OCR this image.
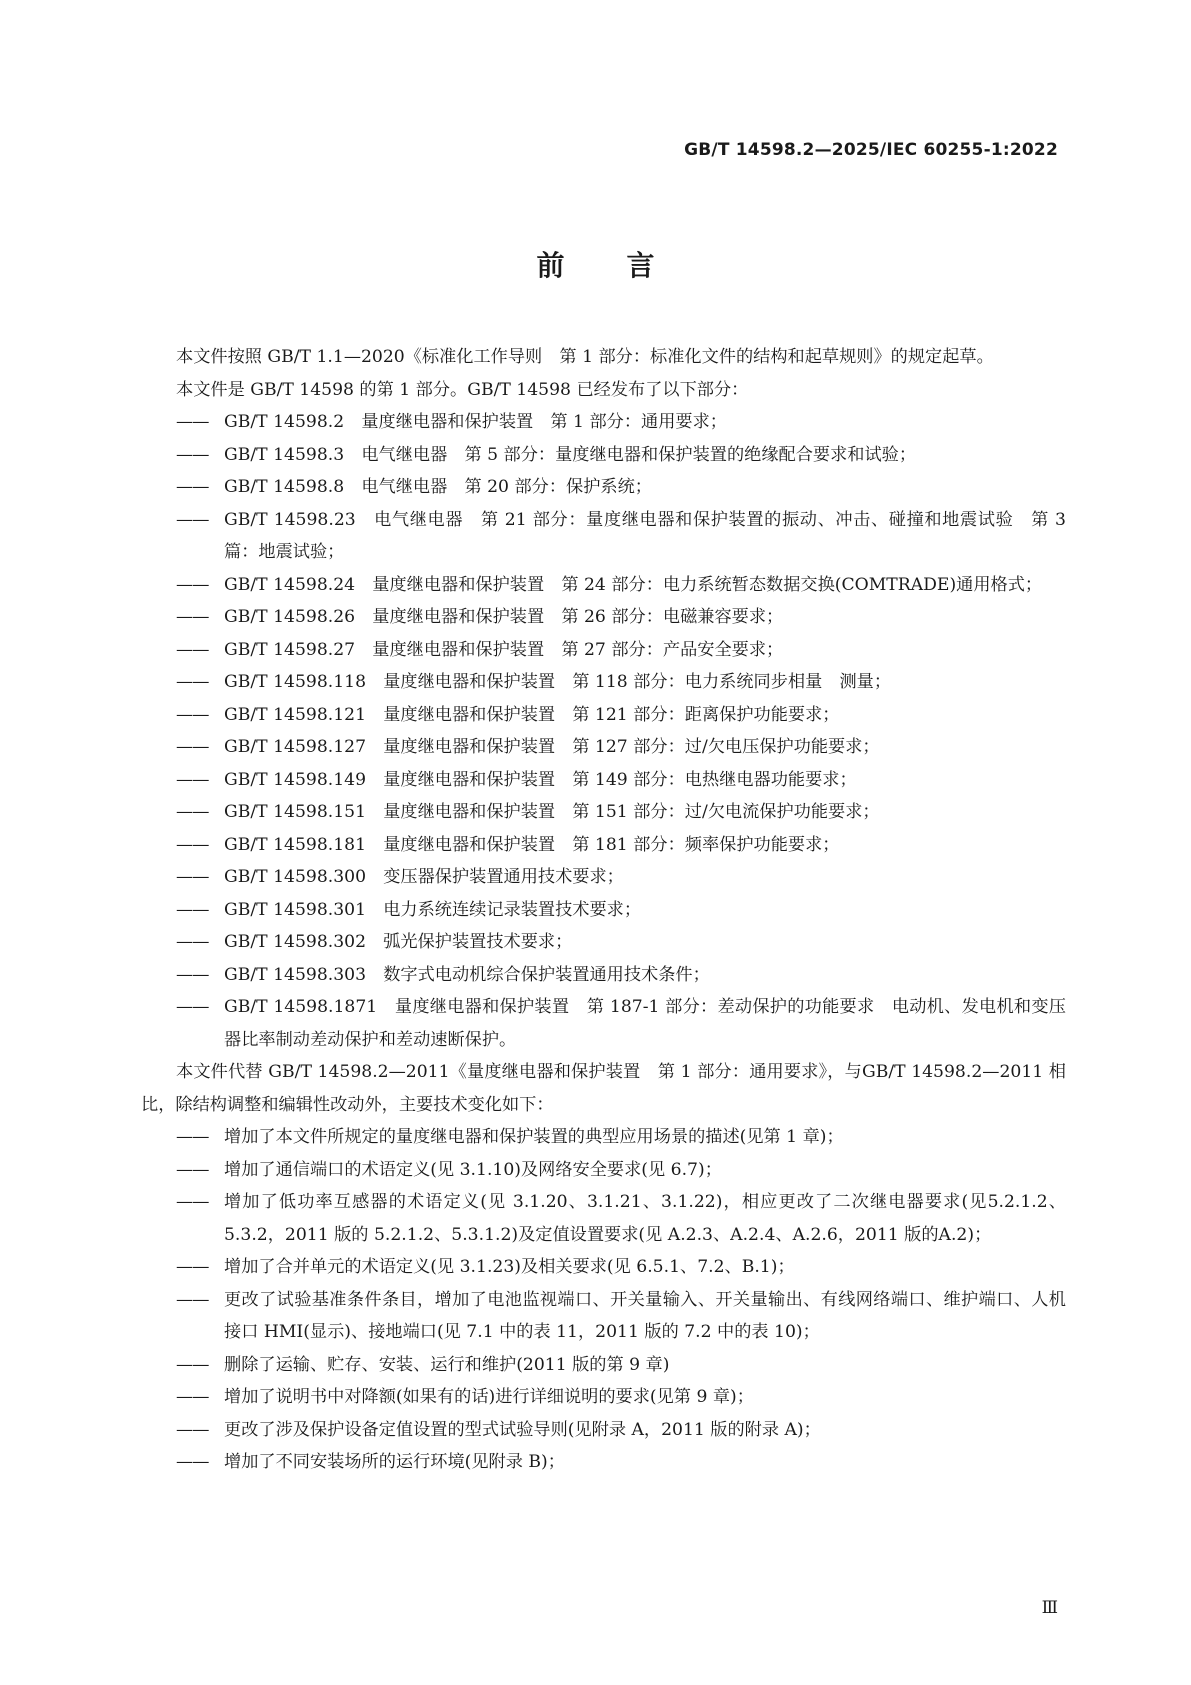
GB/T 14598.2—2025/IEC 60255-1:2022
前言

本文件按照 GB/T 1.1—2020《标准化工作导则　第 1 部分：标准化文件的结构和起草规则》的规定起草。

本文件是 GB/T 14598 的第 1 部分。GB/T 14598 已经发布了以下部分：

—— GB/T 14598.2　量度继电器和保护装置　第 1 部分：通用要求；
—— GB/T 14598.3　电气继电器　第 5 部分：量度继电器和保护装置的绝缘配合要求和试验；
—— GB/T 14598.8　电气继电器　第 20 部分：保护系统；
—— GB/T 14598.23　电气继电器　第 21 部分：量度继电器和保护装置的振动、冲击、碰撞和地震试验　第 3 篇：地震试验；
—— GB/T 14598.24　量度继电器和保护装置　第 24 部分：电力系统暂态数据交换(COMTRADE)通用格式；
—— GB/T 14598.26　量度继电器和保护装置　第 26 部分：电磁兼容要求；
—— GB/T 14598.27　量度继电器和保护装置　第 27 部分：产品安全要求；
—— GB/T 14598.118　量度继电器和保护装置　第 118 部分：电力系统同步相量　测量；
—— GB/T 14598.121　量度继电器和保护装置　第 121 部分：距离保护功能要求；
—— GB/T 14598.127　量度继电器和保护装置　第 127 部分：过/欠电压保护功能要求；
—— GB/T 14598.149　量度继电器和保护装置　第 149 部分：电热继电器功能要求；
—— GB/T 14598.151　量度继电器和保护装置　第 151 部分：过/欠电流保护功能要求；
—— GB/T 14598.181　量度继电器和保护装置　第 181 部分：频率保护功能要求；
—— GB/T 14598.300　变压器保护装置通用技术要求；
—— GB/T 14598.301　电力系统连续记录装置技术要求；
—— GB/T 14598.302　弧光保护装置技术要求；
—— GB/T 14598.303　数字式电动机综合保护装置通用技术条件；
—— GB/T 14598.1871　量度继电器和保护装置　第 187-1 部分：差动保护的功能要求　电动机、发电机和变压器比率制动差动保护和差动速断保护。

本文件代替 GB/T 14598.2—2011《量度继电器和保护装置　第 1 部分：通用要求》，与GB/T 14598.2—2011 相比，除结构调整和编辑性改动外，主要技术变化如下：

—— 增加了本文件所规定的量度继电器和保护装置的典型应用场景的描述(见第 1 章)；
—— 增加了通信端口的术语定义(见 3.1.10)及网络安全要求(见 6.7)；
—— 增加了低功率互感器的术语定义(见 3.1.20、3.1.21、3.1.22)，相应更改了二次继电器要求(见5.2.1.2、5.3.2，2011 版的 5.2.1.2、5.3.1.2)及定值设置要求(见 A.2.3、A.2.4、A.2.6，2011 版的A.2)；
—— 增加了合并单元的术语定义(见 3.1.23)及相关要求(见 6.5.1、7.2、B.1)；
—— 更改了试验基准条件条目，增加了电池监视端口、开关量输入、开关量输出、有线网络端口、维护端口、人机接口 HMI(显示)、接地端口(见 7.1 中的表 11，2011 版的 7.2 中的表 10)；
—— 删除了运输、贮存、安装、运行和维护(2011 版的第 9 章)
—— 增加了说明书中对降额(如果有的话)进行详细说明的要求(见第 9 章)；
—— 更改了涉及保护设备定值设置的型式试验导则(见附录 A，2011 版的附录 A)；
—— 增加了不同安装场所的运行环境(见附录 B)；
Ⅲ
